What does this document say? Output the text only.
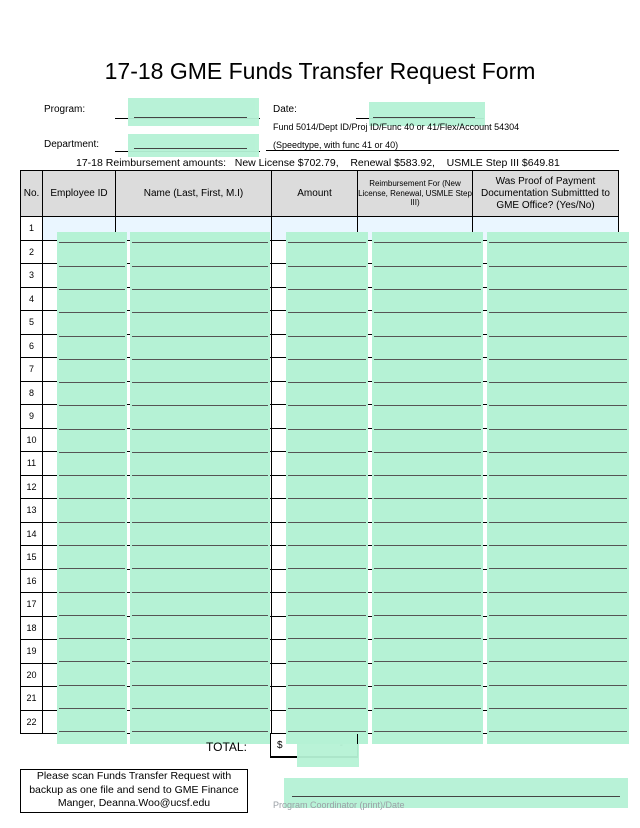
17-18 GME Funds Transfer Request Form
Program:	Date:
Fund 5014/Dept ID/Proj ID/Func 40 or 41/Flex/Account 54304
(Speedtype, with func 41 or 40)
Department:
17-18 Reimbursement amounts:   New License $702.79,    Renewal $583.92,    USMLE Step III $649.81
No.	Employee ID	Name (Last, First, M.I)	Amount	Reimbursement For (New License, Renewal, USMLE Step III)	Was Proof of Payment Documentation Submittted to GME Office? (Yes/No)
1					
2					
3					
4					
5					
6					
7					
8					
9					
10					
11					
12					
13					
14					
15					
16					
17					
18					
19					
20					
21					
22					
TOTAL:	$
Please scan Funds Transfer Request with backup as one file and send to GME Finance Manger, Deanna.Woo@ucsf.edu	Program Coordinator (print)/Date
